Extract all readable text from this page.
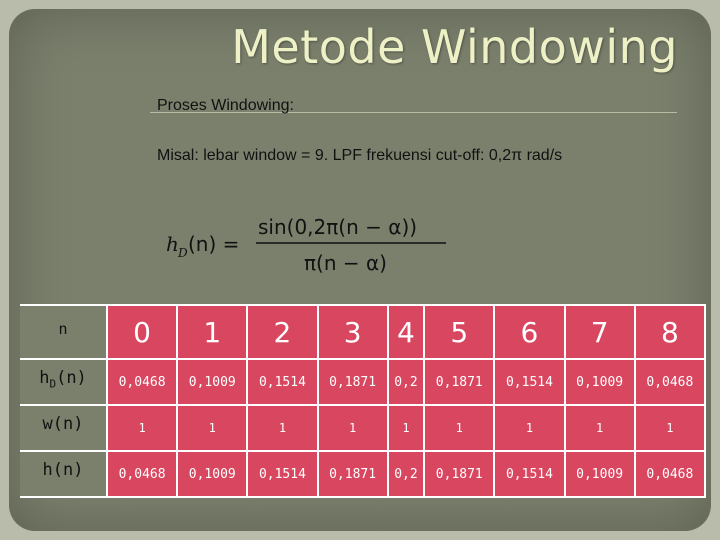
Metode Windowing
Proses Windowing:
Misal: lebar window = 9. LPF frekuensi cut-off: 0,2π rad/s
h D (n) =
sin(0,2π(n − α))
π(n − α)
n	0	1	2	3	4	5	6	7	8
$h_D(n)$	0,0468	0,1009	0,1514	0,1871	0,2	0,1871	0,1514	0,1009	0,0468
w(n)	1	1	1	1	1	1	1	1	1
h(n)	0,0468	0,1009	0,1514	0,1871	0,2	0,1871	0,1514	0,1009	0,0468
